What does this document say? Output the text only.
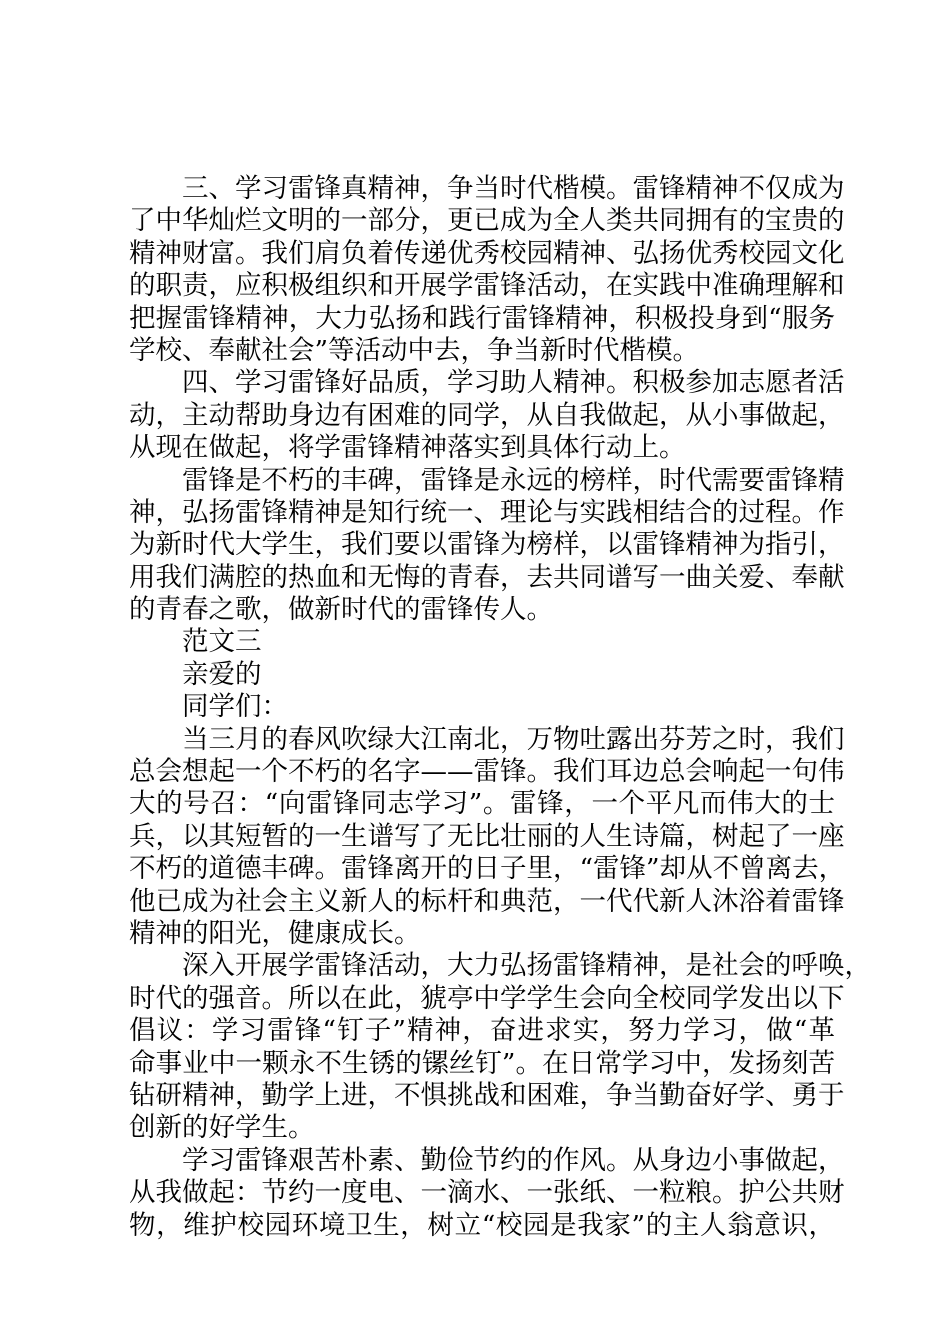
三、学习雷锋真精神，争当时代楷模。雷锋精神不仅成为
了中华灿烂文明的一部分，更已成为全人类共同拥有的宝贵的
精神财富。我们肩负着传递优秀校园精神、弘扬优秀校园文化
的职责，应积极组织和开展学雷锋活动，在实践中准确理解和
把握雷锋精神，大力弘扬和践行雷锋精神，积极投身到“服务
学校、奉献社会”等活动中去，争当新时代楷模。
四、学习雷锋好品质，学习助人精神。积极参加志愿者活
动，主动帮助身边有困难的同学，从自我做起，从小事做起，
从现在做起，将学雷锋精神落实到具体行动上。
雷锋是不朽的丰碑，雷锋是永远的榜样，时代需要雷锋精
神，弘扬雷锋精神是知行统一、理论与实践相结合的过程。作
为新时代大学生，我们要以雷锋为榜样，以雷锋精神为指引，
用我们满腔的热血和无悔的青春，去共同谱写一曲关爱、奉献
的青春之歌，做新时代的雷锋传人。
范文三
亲爱的
同学们：
当三月的春风吹绿大江南北，万物吐露出芬芳之时，我们
总会想起一个不朽的名字——雷锋。我们耳边总会响起一句伟
大的号召：“向雷锋同志学习”。雷锋，一个平凡而伟大的士
兵，以其短暂的一生谱写了无比壮丽的人生诗篇，树起了一座
不朽的道德丰碑。雷锋离开的日子里，“雷锋”却从不曾离去，
他已成为社会主义新人的标杆和典范，一代代新人沐浴着雷锋
精神的阳光，健康成长。
深入开展学雷锋活动，大力弘扬雷锋精神，是社会的呼唤，
时代的强音。所以在此，猇亭中学学生会向全校同学发出以下
倡议：学习雷锋“钉子”精神，奋进求实，努力学习，做“革
命事业中一颗永不生锈的镙丝钉”。在日常学习中，发扬刻苦
钻研精神，勤学上进，不惧挑战和困难，争当勤奋好学、勇于
创新的好学生。
学习雷锋艰苦朴素、勤俭节约的作风。从身边小事做起，
从我做起：节约一度电、一滴水、一张纸、一粒粮。护公共财
物，维护校园环境卫生，树立“校园是我家”的主人翁意识，
